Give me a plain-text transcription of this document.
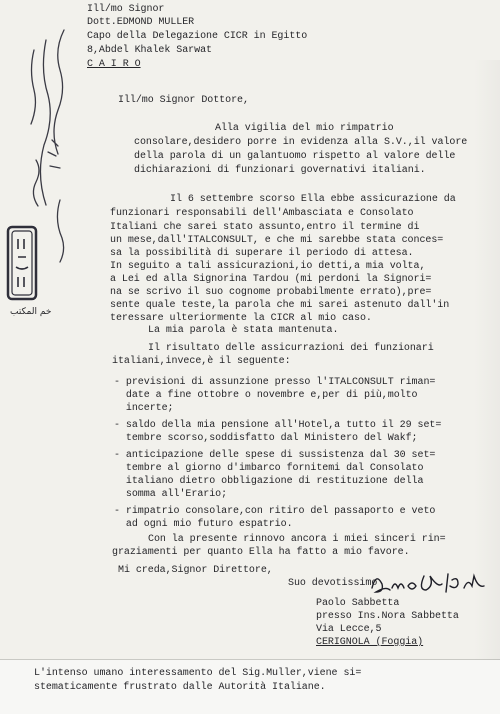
خم المكتب
Ill/mo Signor
Dott.EDMOND MULLER
Capo della Delegazione CICR in Egitto
8,Abdel Khalek Sarwat
C A I R O
Ill/mo Signor Dottore,
Alla vigilia del mio rimpatrio
consolare,desidero porre in evidenza alla S.V.,il valore
della parola di un galantuomo rispetto al valore delle
dichiarazioni di funzionari governativi italiani.
Il 6 settembre scorso Ella ebbe assicurazione da
funzionari responsabili dell'Ambasciata e Consolato
Italiani che sarei stato assunto,entro il termine di
un mese,dall'ITALCONSULT, e che mi sarebbe stata conces=
sa la possibilità di superare il periodo di attesa.
In seguito a tali assicurazioni,io detti,a mia volta,
a Lei ed alla Signorina Tardou (mi perdoni la Signori=
na se scrivo il suo cognome probabilmente errato),pre=
sente quale teste,la parola che mi sarei astenuto dall'in
teressare ulteriormente la CICR al mio caso.
La mia parola è stata mantenuta.
Il risultato delle assicurrazioni dei funzionari
italiani,invece,è il seguente:
- previsioni di assunzione presso l'ITALCONSULT riman=
date a fine ottobre o novembre e,per di più,molto
incerte;
- saldo della mia pensione all'Hotel,a tutto il 29 set=
tembre scorso,soddisfatto dal Ministero del Wakf;
- anticipazione delle spese di sussistenza dal 30 set=
tembre al giorno d'imbarco fornitemi dal Consolato
italiano dietro obbligazione di restituzione della
somma all'Erario;
- rimpatrio consolare,con ritiro del passaporto e veto
ad ogni mio futuro espatrio.
Con la presente rinnovo ancora i miei sinceri rin=
graziamenti per quanto Ella ha fatto a mio favore.
Mi creda,Signor Direttore,
Suo devotissimo
L'intenso umano interessamento del Sig.Muller,viene si=
stematicamente frustrato dalle Autorità Italiane.
Paolo Sabbetta
presso Ins.Nora Sabbetta
Via Lecce,5
CERIGNOLA (Foggia)
